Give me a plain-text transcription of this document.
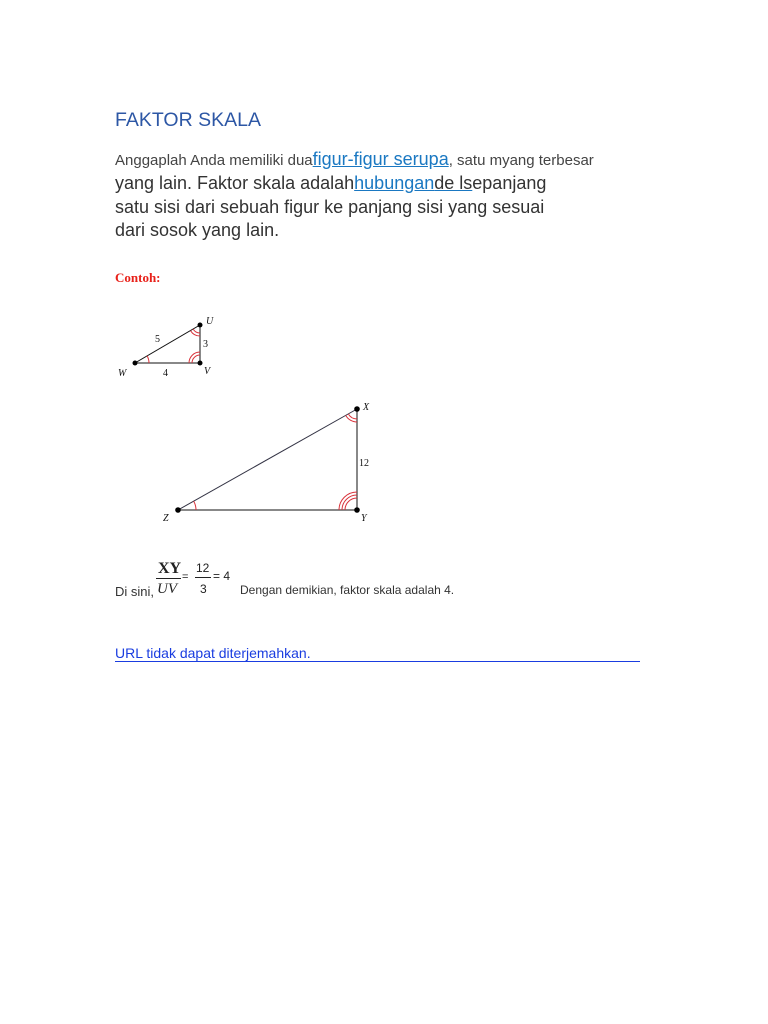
FAKTOR SKALA
Anggaplah Anda memiliki duafigur-figur serupa, satu myang terbesar
yang lain. Faktor skala adalahhubungande lsepanjang
satu sisi dari sebuah figur ke panjang sisi yang sesuai
dari sosok yang lain.
Contoh:
5	3
4
U
V
W
12
X
Y
Z
Di sini,
XY
UV
=
12
3
= 4
Dengan demikian, faktor skala adalah 4.
URL tidak dapat diterjemahkan.
